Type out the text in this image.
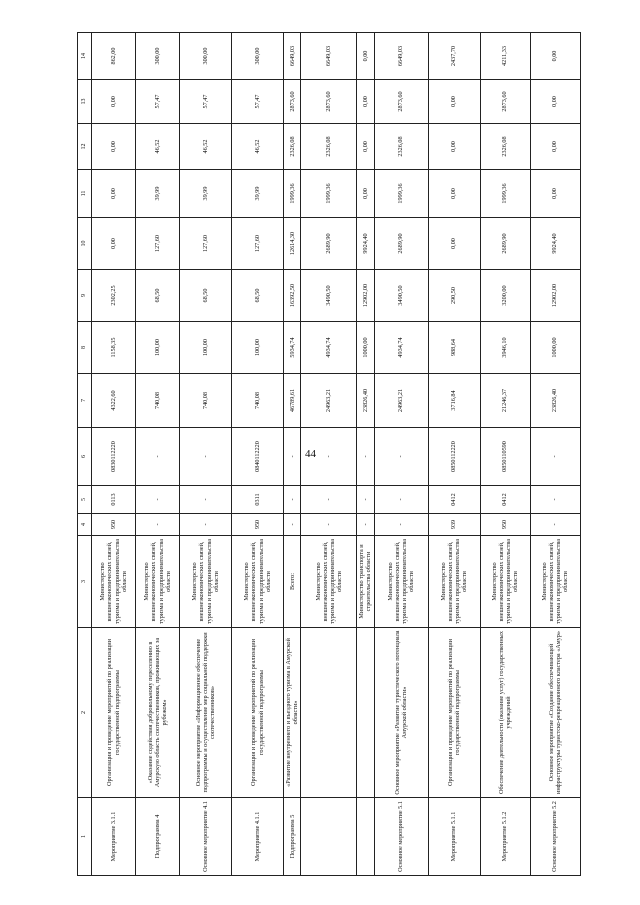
44
1	2	3	4	5	6	7	8	9	10	11	12	13	14
Мероприятие 3.1.1	Организация и проведение мероприятий по реализации государственной подпрограммы	Министерство внешнеэкономических связей, туризма и предпринимательства области	950	0113	0830112220	4322,60	1158,35	2302,25	0,00	0,00	0,00	0,00	862,00
Подпрограмма 4	«Оказание содействия добровольному переселению в Амурскую область соотечественников, проживающих за рубежом»	Министерство внешнеэкономических связей, туризма и предпринимательства области	-	-	-	740,08	100,00	68,50	127,60	39,99	46,52	57,47	300,00
Основное мероприятие 4.1	Основное мероприятие «Информационное обеспечение подпрограммы и осуществление мер социальной поддержки соотечественников»	Министерство внешнеэкономических связей, туризма и предпринимательства области	-	-	-	740,08	100,00	68,50	127,60	39,99	46,52	57,47	300,00
Мероприятие 4.1.1	Организация и проведение мероприятий по реализации государственной подпрограммы	Министерство внешнеэкономических связей, туризма и предпринимательства области	950	0311	0840112220	740,08	100,00	68,50	127,60	39,99	46,52	57,47	300,00
Подпрограмма 5	«Развитие внутреннего и въездного туризма в Амурской области»	Всего:	-	-	-	46789,61	5934,74	16392,50	12614,30	1999,36	2326,08	2873,60	6649,03
		Министерство внешнеэкономических связей, туризма и предпринимательства области	-	-	-	24963,21	4934,74	3490,50	2689,90	1999,36	2326,08	2873,60	6649,03
		Министерство транспорта и строительства области	-	-	-	23826,40	1000,00	12902,00	9924,40	0,00	0,00	0,00	0,00
Основное мероприятие 5.1	Основное мероприятие «Развитие туристического потенциала Амурской области»	Министерство внешнеэкономических связей, туризма и предпринимательства области	-	-	-	24963,21	4934,74	3490,50	2689,90	1999,36	2326,08	2873,60	6649,03
Мероприятие 5.1.1	Организация и проведение мероприятий по реализации государственной подпрограммы	Министерство внешнеэкономических связей, туризма и предпринимательства области	939	0412	0850112220	3716,84	988,64	290,50	0,00	0,00	0,00	0,00	2437,70
Мероприятие 5.1.2	Обеспечение деятельности (оказание услуг) государственных учреждений	Министерство внешнеэкономических связей, туризма и предпринимательства области	950	0412	0850110590	21246,37	3946,10	3200,00	2689,90	1999,36	2326,08	2873,60	4211,33
Основное мероприятие 5.2	Основное мероприятие «Создание обеспечивающей инфраструктуры туристско-рекреационного кластера «Амур»	Министерство внешнеэкономических связей, туризма и предпринимательства области	-	-	-	23826,40	1000,00	12902,00	9924,40	0,00	0,00	0,00	0,00
